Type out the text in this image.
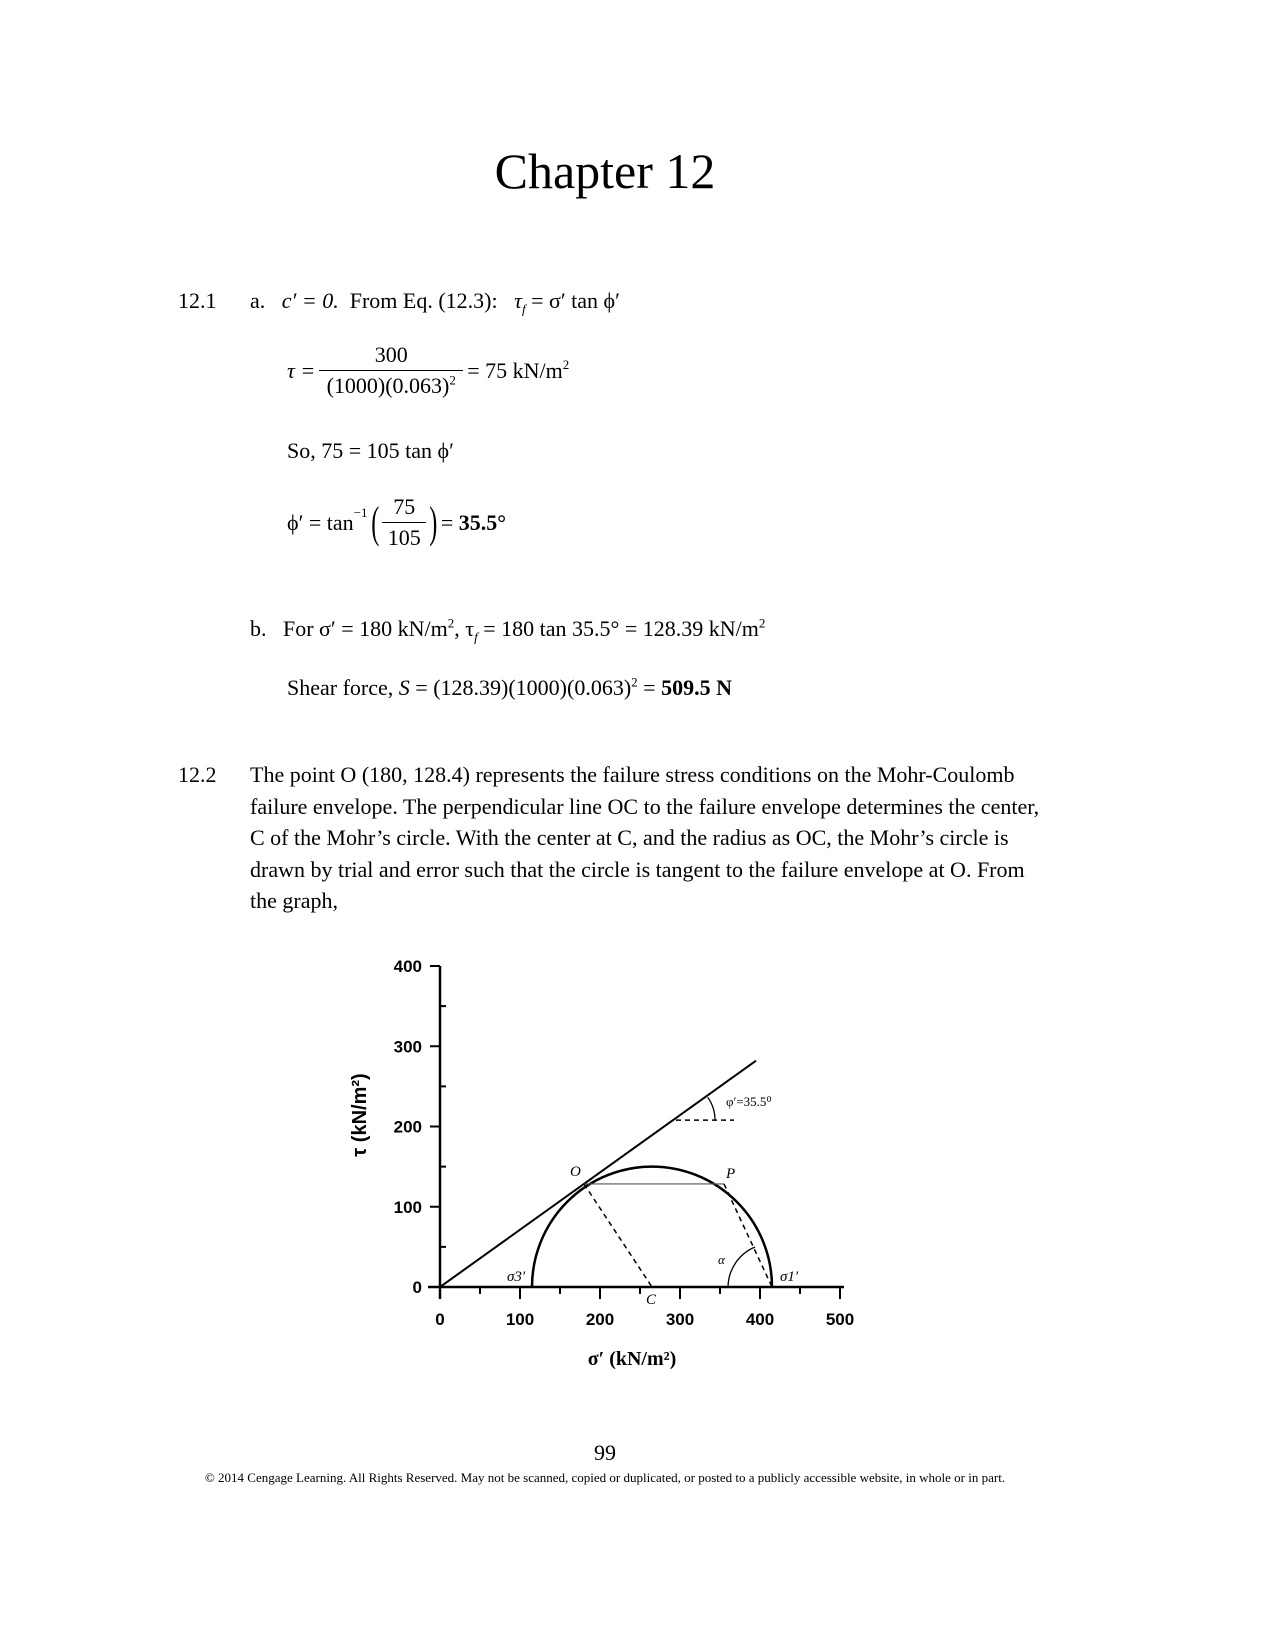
Chapter 12
12.1 a. c′ = 0. From Eq. (12.3): $\tau_f = \sigma'$ tan ϕ′
$\tau = \frac{300}{(1000)(0.063)^2} = 75$ $kN/m^2$
So, 75 = 105 tan ϕ′
$\phi' = \tan^{-1}$ ( $\frac{75}{105}$ ) =
35.5°
b. For σ′ = 180 $kN/m^2$, $\tau_f = 180$ tan 35.5° = 128.39 $kN/m^2$
Shear force, $S = (128.39)(1000)(0.063)^2 = 509.5$ N
12.2 The point O (180, 128.4) represents the failure stress conditions on the Mohr-Coulomb failure envelope. The perpendicular line OC to the failure envelope determines the center, C of the Mohr’s circle. With the center at C, and the radius as OC, the Mohr’s circle is drawn by trial and error such that the circle is tangent to the failure envelope at O. From the graph,
0
100
200
300
400
0	100	200	300	400	500
φ′=35.5⁰
α
O	P
C
σ3′	σ1′
τ (kN/m²)
σ′ (kN/m²)
99
© 2014 Cengage Learning. All Rights Reserved. May not be scanned, copied or duplicated, or posted to a publicly accessible website, in whole or in part.
